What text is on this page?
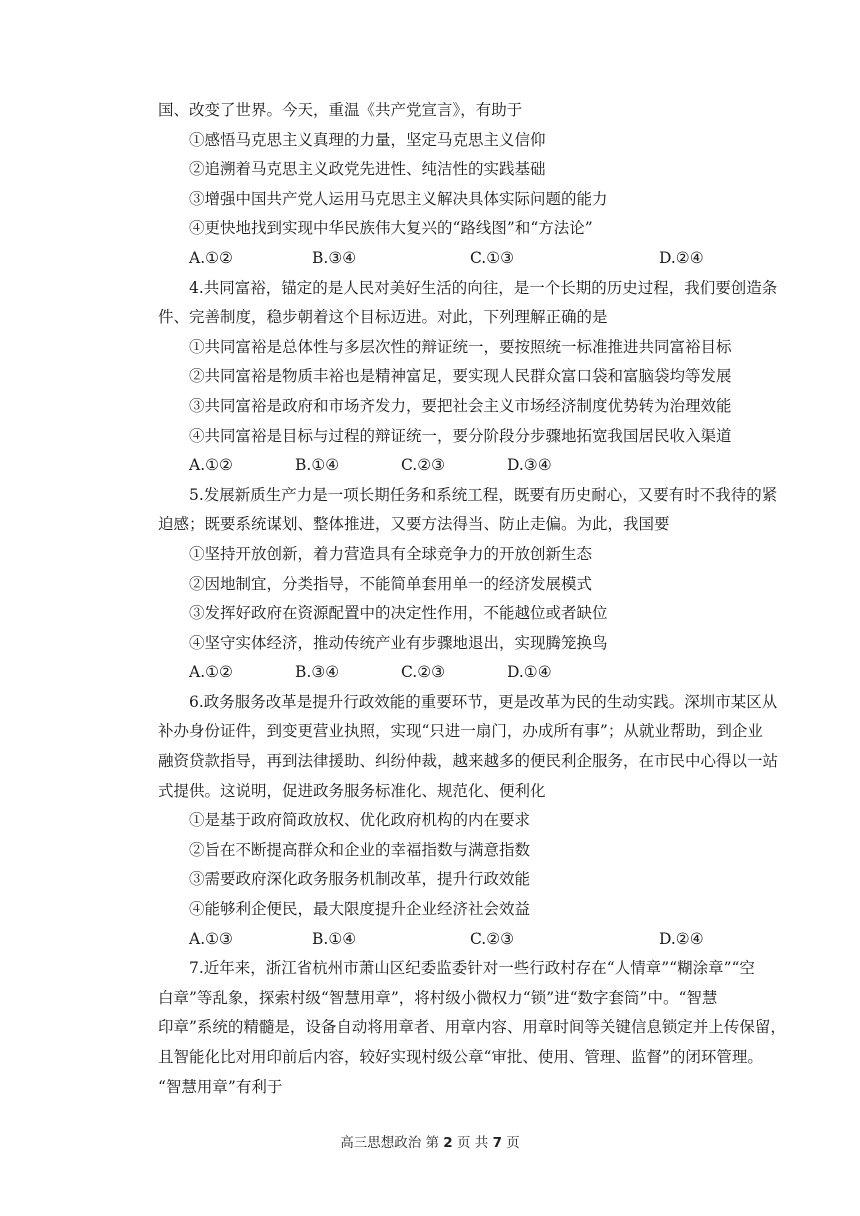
国、改变了世界。今天，重温《共产党宣言》，有助于
①感悟马克思主义真理的力量，坚定马克思主义信仰
②追溯着马克思主义政党先进性、纯洁性的实践基础
③增强中国共产党人运用马克思主义解决具体实际问题的能力
④更快地找到实现中华民族伟大复兴的“路线图”和“方法论”
A.①②	B.③④	C.①③	D.②④
4.共同富裕，锚定的是人民对美好生活的向往，是一个长期的历史过程，我们要创造条
件、完善制度，稳步朝着这个目标迈进。对此，下列理解正确的是
①共同富裕是总体性与多层次性的辩证统一，要按照统一标准推进共同富裕目标
②共同富裕是物质丰裕也是精神富足，要实现人民群众富口袋和富脑袋均等发展
③共同富裕是政府和市场齐发力，要把社会主义市场经济制度优势转为治理效能
④共同富裕是目标与过程的辩证统一，要分阶段分步骤地拓宽我国居民收入渠道
A.①②	B.①④	C.②③	D.③④
5.发展新质生产力是一项长期任务和系统工程，既要有历史耐心，又要有时不我待的紧
迫感；既要系统谋划、整体推进，又要方法得当、防止走偏。为此，我国要
①坚持开放创新，着力营造具有全球竞争力的开放创新生态
②因地制宜，分类指导，不能简单套用单一的经济发展模式
③发挥好政府在资源配置中的决定性作用，不能越位或者缺位
④坚守实体经济，推动传统产业有步骤地退出，实现腾笼换鸟
A.①②	B.③④	C.②③	D.①④
6.政务服务改革是提升行政效能的重要环节，更是改革为民的生动实践。深圳市某区从
补办身份证件，到变更营业执照，实现“只进一扇门，办成所有事”；从就业帮助，到企业
融资贷款指导，再到法律援助、纠纷仲裁，越来越多的便民利企服务，在市民中心得以一站
式提供。这说明，促进政务服务标准化、规范化、便利化
①是基于政府简政放权、优化政府机构的内在要求
②旨在不断提高群众和企业的幸福指数与满意指数
③需要政府深化政务服务机制改革，提升行政效能
④能够利企便民，最大限度提升企业经济社会效益
A.①③	B.①④	C.②③	D.②④
7.近年来，浙江省杭州市萧山区纪委监委针对一些行政村存在“人情章”“糊涂章”“空
白章”等乱象，探索村级“智慧用章”，将村级小微权力“锁”进“数字套筒”中。“智慧
印章”系统的精髓是，设备自动将用章者、用章内容、用章时间等关键信息锁定并上传保留，
且智能化比对用印前后内容，较好实现村级公章“审批、使用、管理、监督”的闭环管理。
“智慧用章”有利于
高三思想政治 第 2 页 共 7 页
